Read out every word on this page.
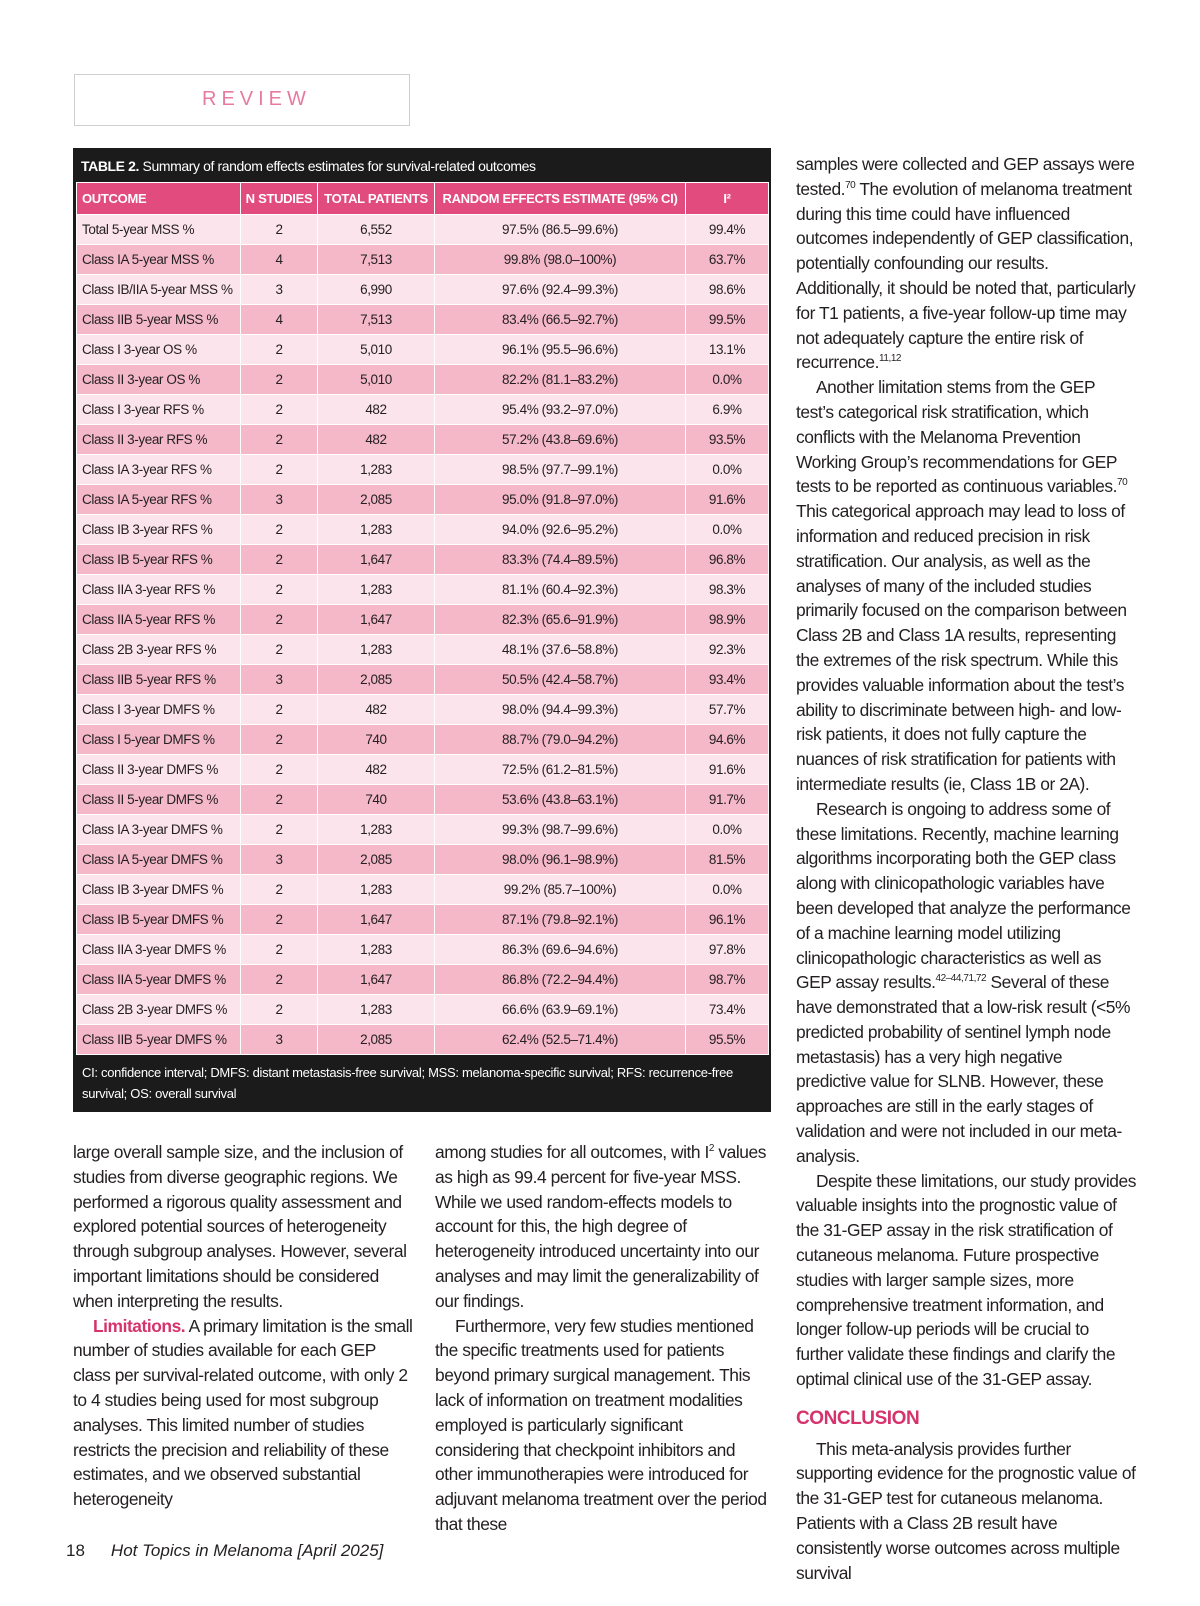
REVIEW
TABLE 2. Summary of random effects estimates for survival-related outcomes
OUTCOME	N STUDIES	TOTAL PATIENTS	RANDOM EFFECTS ESTIMATE (95% CI)	I²
Total 5-year MSS %	2	6,552	97.5% (86.5–99.6%)	99.4%
Class IA 5-year MSS %	4	7,513	99.8% (98.0–100%)	63.7%
Class IB/IIA 5-year MSS %	3	6,990	97.6% (92.4–99.3%)	98.6%
Class IIB 5-year MSS %	4	7,513	83.4% (66.5–92.7%)	99.5%
Class I 3-year OS %	2	5,010	96.1% (95.5–96.6%)	13.1%
Class II 3-year OS %	2	5,010	82.2% (81.1–83.2%)	0.0%
Class I 3-year RFS %	2	482	95.4% (93.2–97.0%)	6.9%
Class II 3-year RFS %	2	482	57.2% (43.8–69.6%)	93.5%
Class IA 3-year RFS %	2	1,283	98.5% (97.7–99.1%)	0.0%
Class IA 5-year RFS %	3	2,085	95.0% (91.8–97.0%)	91.6%
Class IB 3-year RFS %	2	1,283	94.0% (92.6–95.2%)	0.0%
Class IB 5-year RFS %	2	1,647	83.3% (74.4–89.5%)	96.8%
Class IIA 3-year RFS %	2	1,283	81.1% (60.4–92.3%)	98.3%
Class IIA 5-year RFS %	2	1,647	82.3% (65.6–91.9%)	98.9%
Class 2B 3-year RFS %	2	1,283	48.1% (37.6–58.8%)	92.3%
Class IIB 5-year RFS %	3	2,085	50.5% (42.4–58.7%)	93.4%
Class I 3-year DMFS %	2	482	98.0% (94.4–99.3%)	57.7%
Class I 5-year DMFS %	2	740	88.7% (79.0–94.2%)	94.6%
Class II 3-year DMFS %	2	482	72.5% (61.2–81.5%)	91.6%
Class II 5-year DMFS %	2	740	53.6% (43.8–63.1%)	91.7%
Class IA 3-year DMFS %	2	1,283	99.3% (98.7–99.6%)	0.0%
Class IA 5-year DMFS %	3	2,085	98.0% (96.1–98.9%)	81.5%
Class IB 3-year DMFS %	2	1,283	99.2% (85.7–100%)	0.0%
Class IB 5-year DMFS %	2	1,647	87.1% (79.8–92.1%)	96.1%
Class IIA 3-year DMFS %	2	1,283	86.3% (69.6–94.6%)	97.8%
Class IIA 5-year DMFS %	2	1,647	86.8% (72.2–94.4%)	98.7%
Class 2B 3-year DMFS %	2	1,283	66.6% (63.9–69.1%)	73.4%
Class IIB 5-year DMFS %	3	2,085	62.4% (52.5–71.4%)	95.5%
CI: confidence interval; DMFS: distant metastasis-free survival; MSS: melanoma-specific survival; RFS: recurrence-free survival; OS: overall survival

large overall sample size, and the inclusion of studies from diverse geographic regions. We performed a rigorous quality assessment and explored potential sources of heterogeneity through subgroup analyses. However, several important limitations should be considered when interpreting the results.

Limitations. A primary limitation is the small number of studies available for each GEP class per survival-related outcome, with only 2 to 4 studies being used for most subgroup analyses. This limited number of studies restricts the precision and reliability of these estimates, and we observed substantial heterogeneity

among studies for all outcomes, with $I^2$ values as high as 99.4 percent for five-year MSS. While we used random-effects models to account for this, the high degree of heterogeneity introduced uncertainty into our analyses and may limit the generalizability of our findings.

Furthermore, very few studies mentioned the specific treatments used for patients beyond primary surgical management. This lack of information on treatment modalities employed is particularly significant considering that checkpoint inhibitors and other immunotherapies were introduced for adjuvant melanoma treatment over the period that these

samples were collected and GEP assays were tested.$^{70}$ The evolution of melanoma treatment during this time could have influenced outcomes independently of GEP classification, potentially confounding our results. Additionally, it should be noted that, particularly for T1 patients, a five-year follow-up time may not adequately capture the entire risk of recurrence.$^{11,12}$

Another limitation stems from the GEP test’s categorical risk stratification, which conflicts with the Melanoma Prevention Working Group’s recommendations for GEP tests to be reported as continuous variables.$^{70}$ This categorical approach may lead to loss of information and reduced precision in risk stratification. Our analysis, as well as the analyses of many of the included studies primarily focused on the comparison between Class 2B and Class 1A results, representing the extremes of the risk spectrum. While this provides valuable information about the test’s ability to discriminate between high- and low-risk patients, it does not fully capture the nuances of risk stratification for patients with intermediate results (ie, Class 1B or 2A).

Research is ongoing to address some of these limitations. Recently, machine learning algorithms incorporating both the GEP class along with clinicopathologic variables have been developed that analyze the performance of a machine learning model utilizing clinicopathologic characteristics as well as GEP assay results.$^{42-44,71,72}$ Several of these have demonstrated that a low-risk result (<5% predicted probability of sentinel lymph node metastasis) has a very high negative predictive value for SLNB. However, these approaches are still in the early stages of validation and were not included in our meta-analysis.

Despite these limitations, our study provides valuable insights into the prognostic value of the 31-GEP assay in the risk stratification of cutaneous melanoma. Future prospective studies with larger sample sizes, more comprehensive treatment information, and longer follow-up periods will be crucial to further validate these findings and clarify the optimal clinical use of the 31-GEP assay.

CONCLUSION

This meta-analysis provides further supporting evidence for the prognostic value of the 31-GEP test for cutaneous melanoma. Patients with a Class 2B result have consistently worse outcomes across multiple survival

18 Hot Topics in Melanoma [April 2025]
